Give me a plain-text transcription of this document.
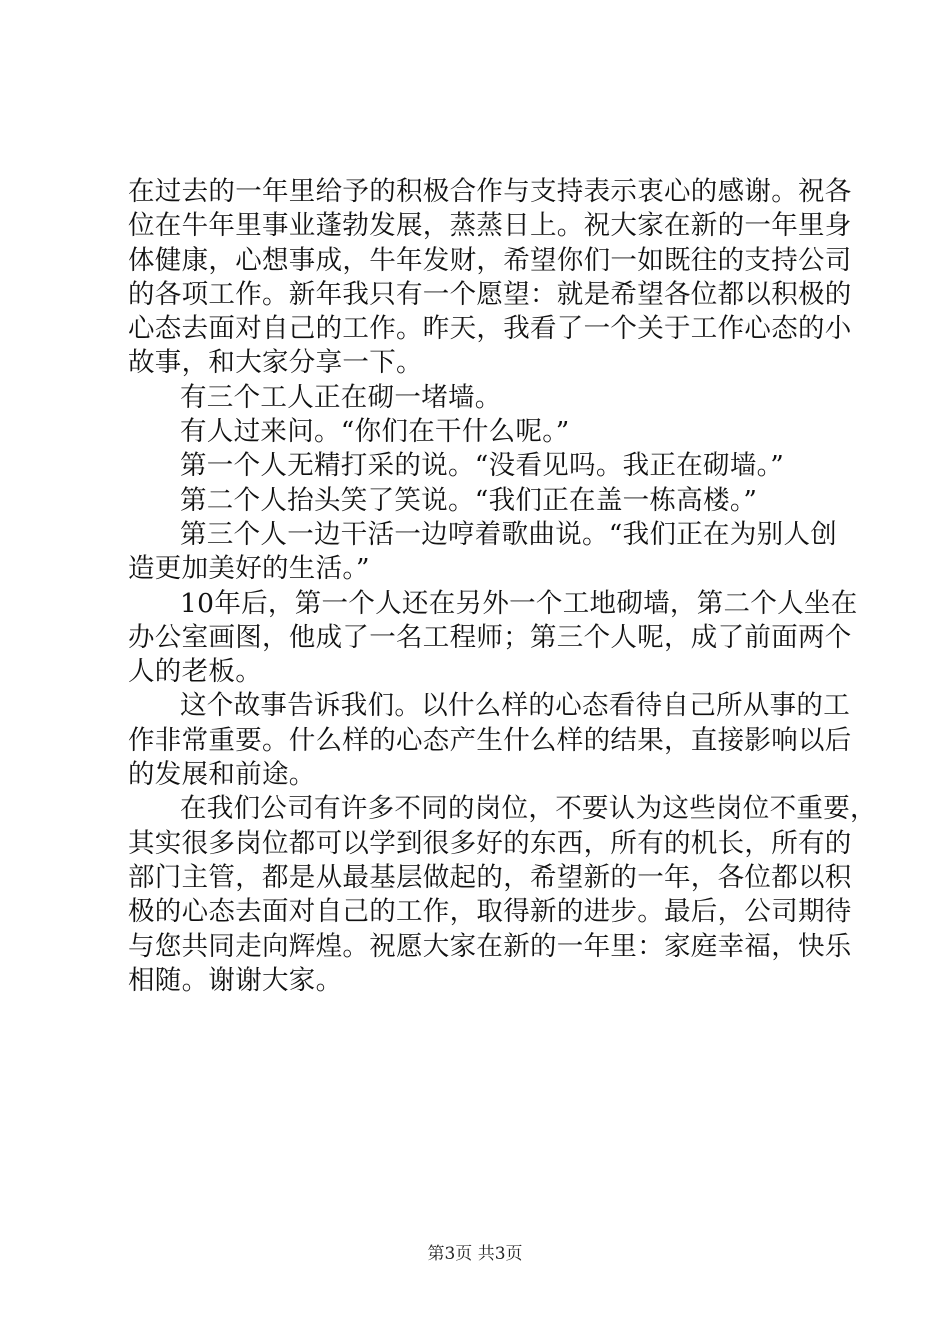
在过去的一年里给予的积极合作与支持表示衷心的感谢。祝各
位在牛年里事业蓬勃发展，蒸蒸日上。祝大家在新的一年里身
体健康，心想事成，牛年发财，希望你们一如既往的支持公司
的各项工作。新年我只有一个愿望：就是希望各位都以积极的
心态去面对自己的工作。昨天，我看了一个关于工作心态的小
故事，和大家分享一下。
有三个工人正在砌一堵墙。
有人过来问。“你们在干什么呢。”
第一个人无精打采的说。“没看见吗。我正在砌墙。”
第二个人抬头笑了笑说。“我们正在盖一栋高楼。”
第三个人一边干活一边哼着歌曲说。“我们正在为别人创
造更加美好的生活。”
10年后，第一个人还在另外一个工地砌墙，第二个人坐在
办公室画图，他成了一名工程师；第三个人呢，成了前面两个
人的老板。
这个故事告诉我们。以什么样的心态看待自己所从事的工
作非常重要。什么样的心态产生什么样的结果，直接影响以后
的发展和前途。
在我们公司有许多不同的岗位，不要认为这些岗位不重要，
其实很多岗位都可以学到很多好的东西，所有的机长，所有的
部门主管，都是从最基层做起的，希望新的一年，各位都以积
极的心态去面对自己的工作，取得新的进步。最后，公司期待
与您共同走向辉煌。祝愿大家在新的一年里：家庭幸福，快乐
相随。谢谢大家。
第3页 共3页
